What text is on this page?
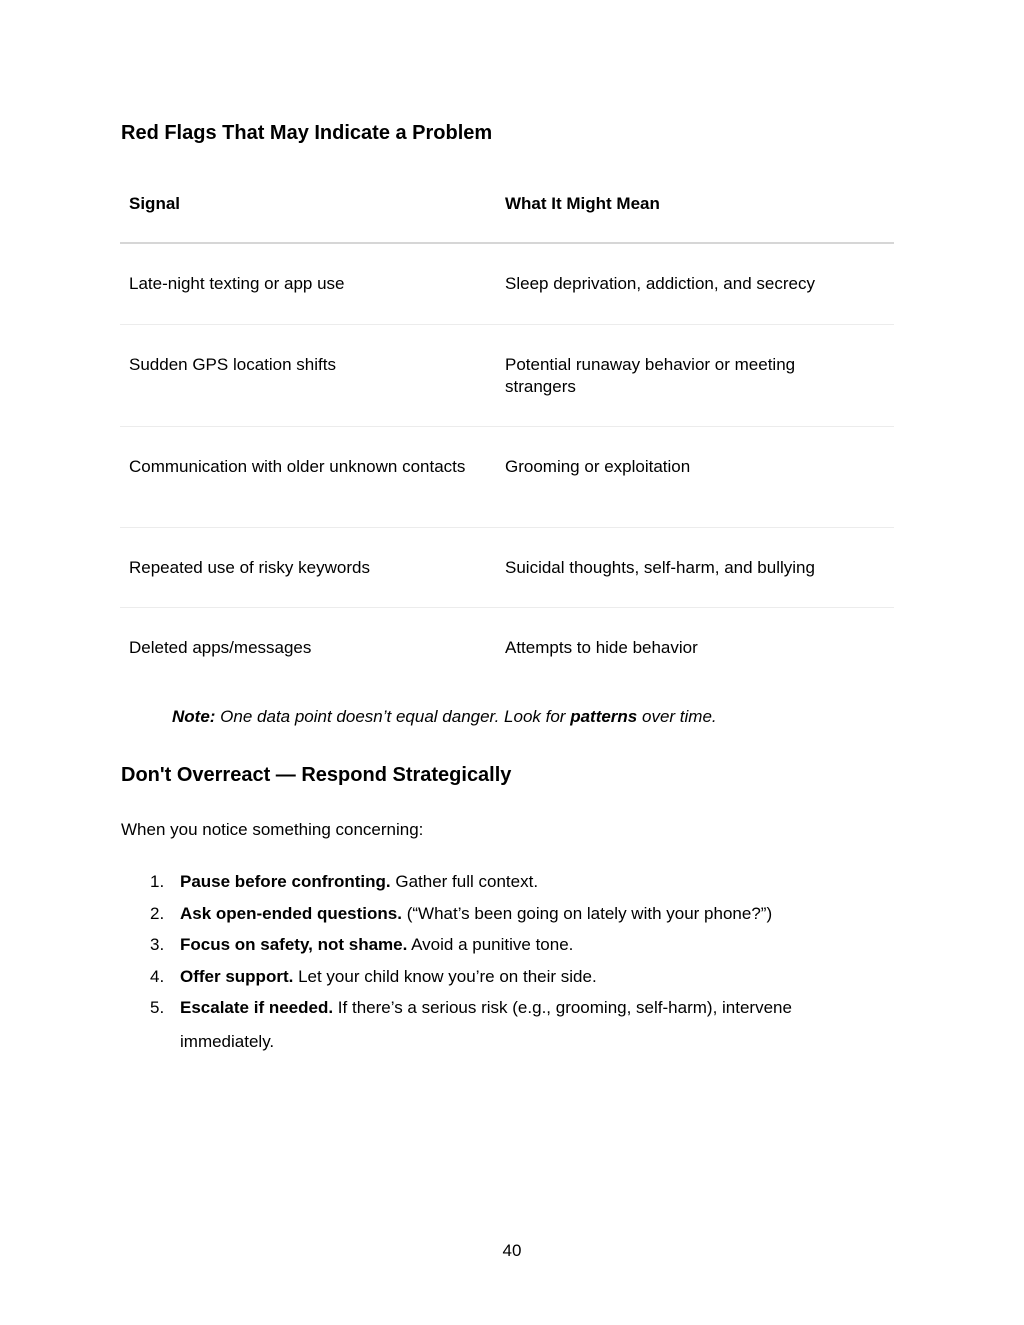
Red Flags That May Indicate a Problem
Signal	What It Might Mean
Late-night texting or app use	Sleep deprivation, addiction, and secrecy
Sudden GPS location shifts	Potential runaway behavior or meeting strangers
Communication with older unknown contacts	Grooming or exploitation
Repeated use of risky keywords	Suicidal thoughts, self-harm, and bullying
Deleted apps/messages	Attempts to hide behavior

Note: One data point doesn’t equal danger. Look for patterns over time.

Don't Overreact — Respond Strategically

When you notice something concerning:

1. Pause before confronting. Gather full context.
2. Ask open-ended questions. (“What’s been going on lately with your phone?”)
3. Focus on safety, not shame. Avoid a punitive tone.
4. Offer support. Let your child know you’re on their side.
5. Escalate if needed. If there’s a serious risk (e.g., grooming, self-harm), intervene immediately.

40
